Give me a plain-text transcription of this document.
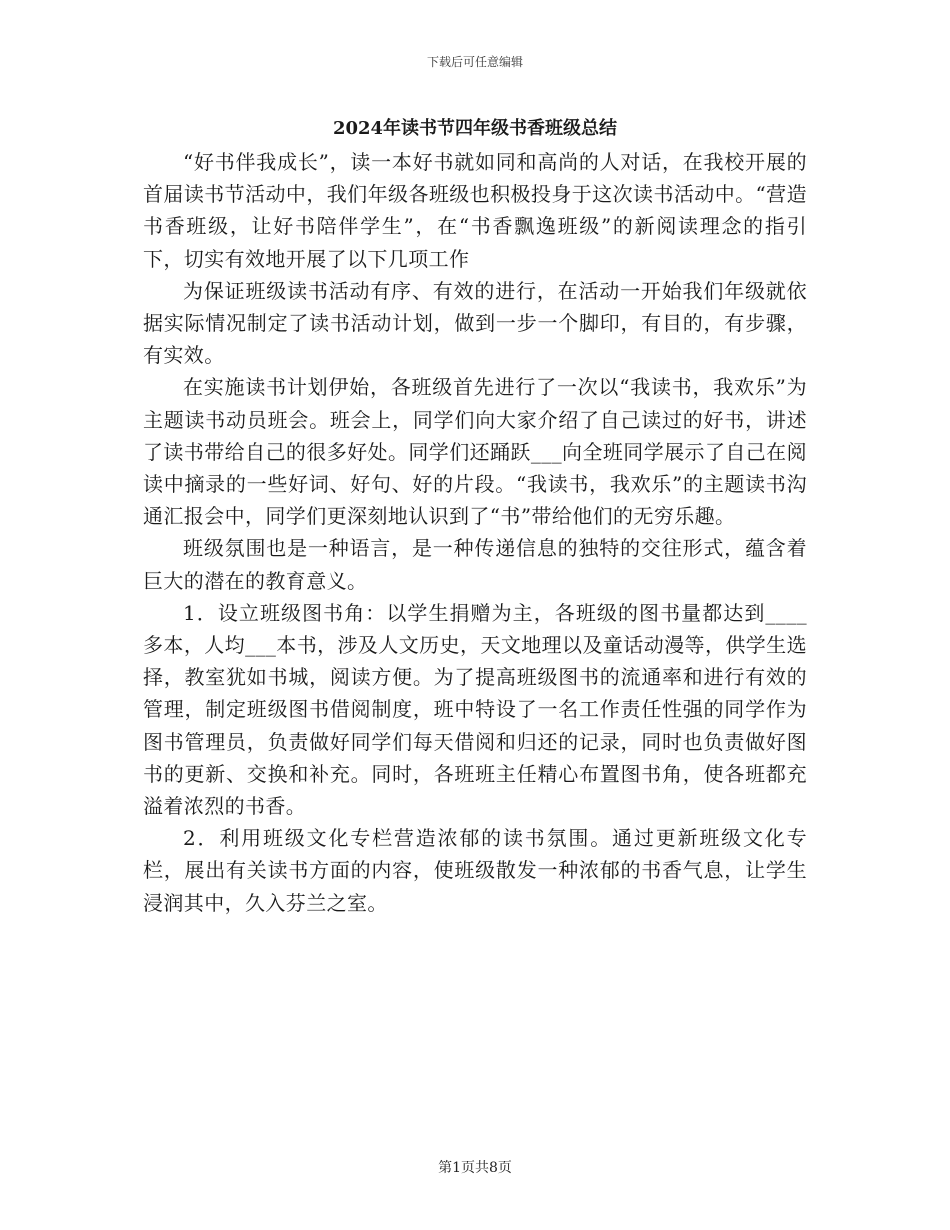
下载后可任意编辑
2024年读书节四年级书香班级总结

“好书伴我成长”，读一本好书就如同和高尚的人对话，在我校开展的首届读书节活动中，我们年级各班级也积极投身于这次读书活动中。“营造书香班级，让好书陪伴学生”，在“书香飘逸班级”的新阅读理念的指引下，切实有效地开展了以下几项工作

为保证班级读书活动有序、有效的进行，在活动一开始我们年级就依据实际情况制定了读书活动计划，做到一步一个脚印，有目的，有步骤，有实效。

在实施读书计划伊始，各班级首先进行了一次以“我读书，我欢乐”为主题读书动员班会。班会上，同学们向大家介绍了自己读过的好书，讲述了读书带给自己的很多好处。同学们还踊跃___向全班同学展示了自己在阅读中摘录的一些好词、好句、好的片段。“我读书，我欢乐”的主题读书沟通汇报会中，同学们更深刻地认识到了“书”带给他们的无穷乐趣。

班级氛围也是一种语言，是一种传递信息的独特的交往形式，蕴含着巨大的潜在的教育意义。

1．设立班级图书角：以学生捐赠为主，各班级的图书量都达到____多本，人均___本书，涉及人文历史，天文地理以及童话动漫等，供学生选择，教室犹如书城，阅读方便。为了提高班级图书的流通率和进行有效的管理，制定班级图书借阅制度，班中特设了一名工作责任性强的同学作为图书管理员，负责做好同学们每天借阅和归还的记录，同时也负责做好图书的更新、交换和补充。同时，各班班主任精心布置图书角，使各班都充溢着浓烈的书香。

2．利用班级文化专栏营造浓郁的读书氛围。通过更新班级文化专栏，展出有关读书方面的内容，使班级散发一种浓郁的书香气息，让学生浸润其中，久入芬兰之室。

第1页共8页
